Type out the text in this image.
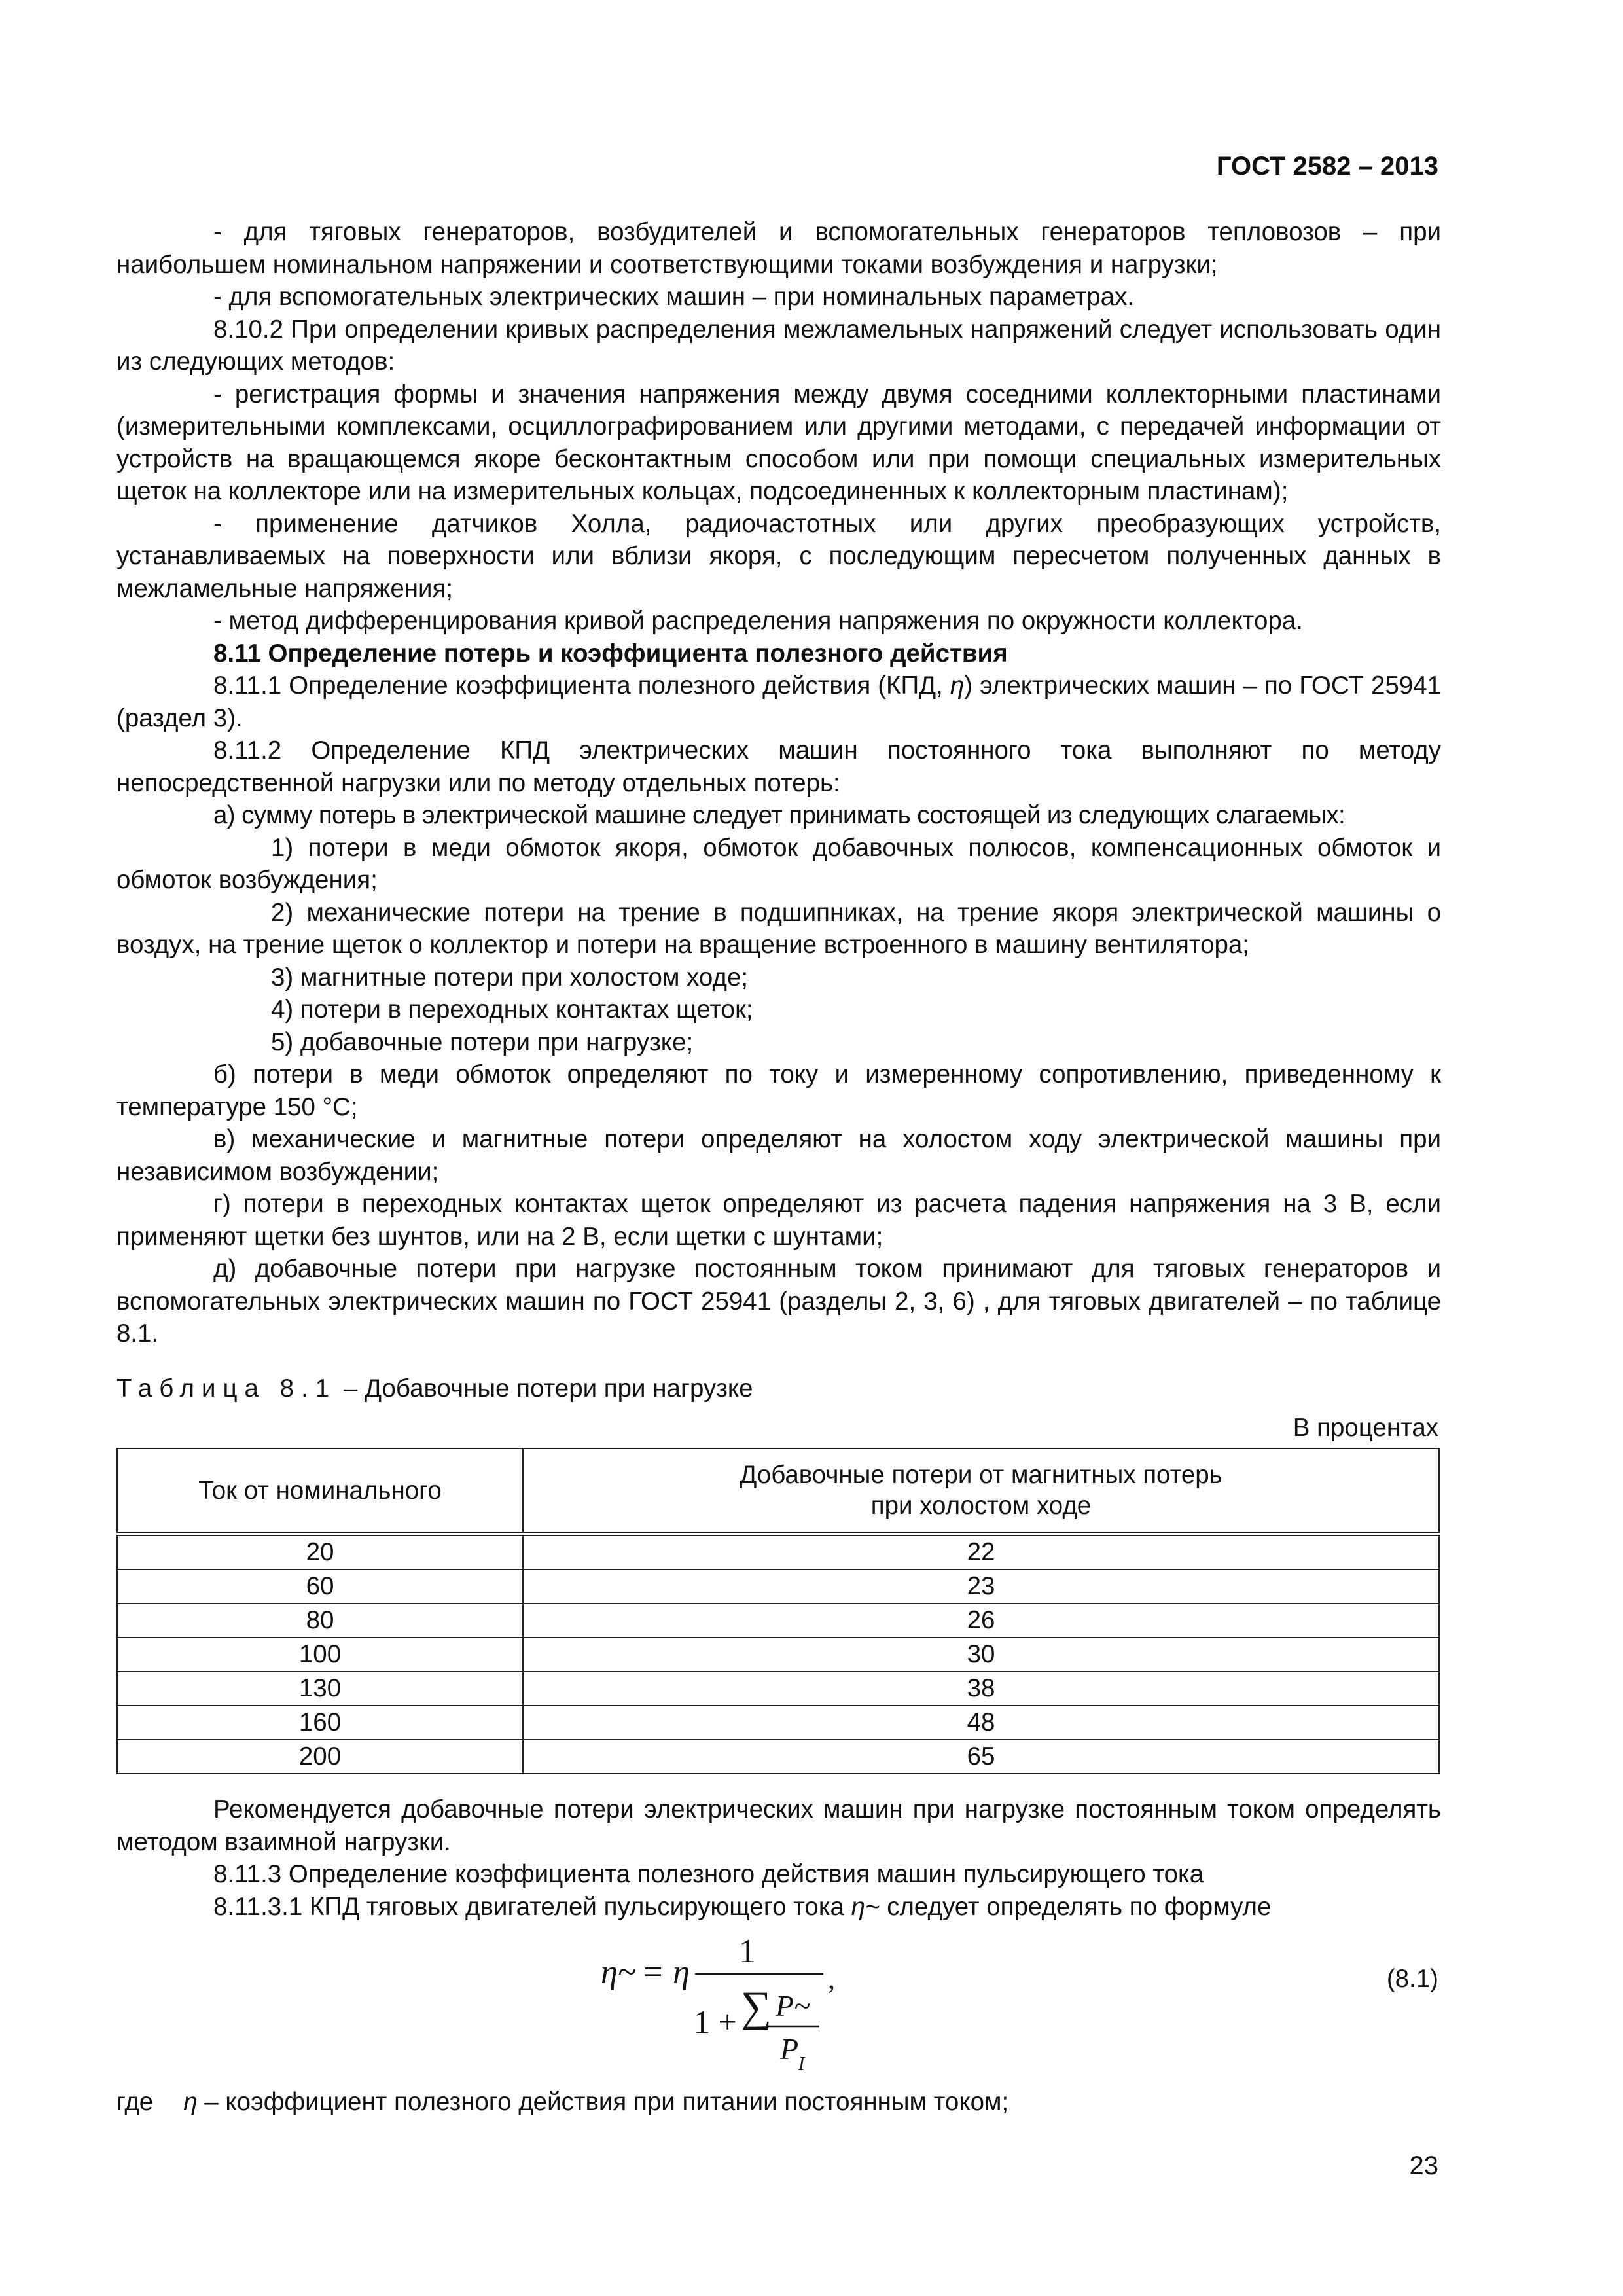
ГОСТ 2582 – 2013

- для тяговых генераторов, возбудителей и вспомогательных генераторов тепловозов – при наибольшем номинальном напряжении и соответствующими токами возбуждения и нагрузки;

- для вспомогательных электрических машин – при номинальных параметрах.

8.10.2 При определении кривых распределения межламельных напряжений следует использовать один из следующих методов:

- регистрация формы и значения напряжения между двумя соседними коллекторными пластинами (измерительными комплексами, осциллографированием или другими методами, с передачей информации от устройств на вращающемся якоре бесконтактным способом или при помощи специальных измерительных щеток на коллекторе или на измерительных кольцах, подсоединенных к коллекторным пластинам);

- применение датчиков Холла, радиочастотных или других преобразующих устройств, устанавливаемых на поверхности или вблизи якоря, с последующим пересчетом полученных данных в межламельные напряжения;

- метод дифференцирования кривой распределения напряжения по окружности коллектора.

8.11 Определение потерь и коэффициента полезного действия

8.11.1 Определение коэффициента полезного действия (КПД, η) электрических машин – по ГОСТ 25941 (раздел 3).

8.11.2 Определение КПД электрических машин постоянного тока выполняют по методу непосредственной нагрузки или по методу отдельных потерь:

а) сумму потерь в электрической машине следует принимать состоящей из следующих слагаемых:

1) потери в меди обмоток якоря, обмоток добавочных полюсов, компенсационных обмоток и обмоток возбуждения;

2) механические потери на трение в подшипниках, на трение якоря электрической машины о воздух, на трение щеток о коллектор и потери на вращение встроенного в машину вентилятора;

3) магнитные потери при холостом ходе;

4) потери в переходных контактах щеток;

5) добавочные потери при нагрузке;

б) потери в меди обмоток определяют по току и измеренному сопротивлению, приведенному к температуре 150 °С;

в) механические и магнитные потери определяют на холостом ходу электрической машины при независимом возбуждении;

г) потери в переходных контактах щеток определяют из расчета падения напряжения на 3 В, если применяют щетки без шунтов, или на 2 В, если щетки с шунтами;

д) добавочные потери при нагрузке постоянным током принимают для тяговых генераторов и вспомогательных электрических машин по ГОСТ 25941 (разделы 2, 3, 6) , для тяговых двигателей – по таблице 8.1.

Таблица 8.1 – Добавочные потери при нагрузке
В процентах
Ток от номинального	Добавочные потери от магнитных потерь
при холостом ходе
20	22
60	23
80	26
100	30
130	38
160	48
200	65

Рекомендуется добавочные потери электрических машин при нагрузке постоянным током определять методом взаимной нагрузки.

8.11.3 Определение коэффициента полезного действия машин пульсирующего тока

8.11.3.1 КПД тяговых двигателей пульсирующего тока η~ следует определять по формуле

η~ = η
1
1 + ∑ P~
P I
,	(8.1)
где η – коэффициент полезного действия при питании постоянным током;
23
